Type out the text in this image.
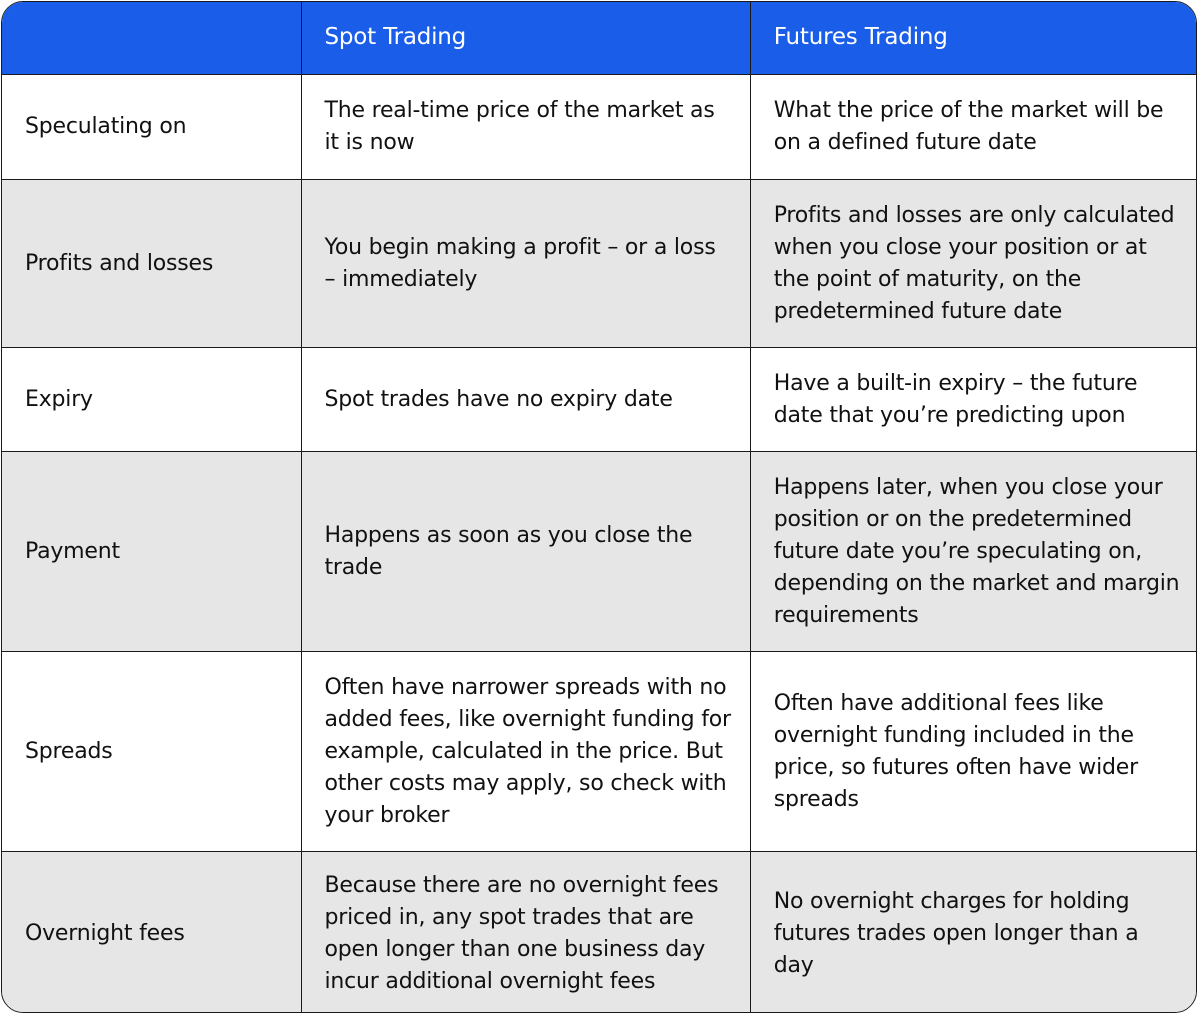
Spot Trading	Futures Trading
Speculating on
The real-time price of the market as it is now
What the price of the market will be on a defined future date
Profits and losses
You begin making a profit – or a loss – immediately
Profits and losses are only calculated when you close your position or at the point of maturity, on the predetermined future date
Expiry	Spot trades have no expiry date
Have a built-in expiry – the future date that you’re predicting upon
Payment
Happens as soon as you close the trade
Happens later, when you close your position or on the predetermined future date you’re speculating on, depending on the market and margin requirements
Spreads
Often have narrower spreads with no added fees, like overnight funding for example, calculated in the price. But other costs may apply, so check with your broker
Often have additional fees like overnight funding included in the price, so futures often have wider spreads
Overnight fees
Because there are no overnight fees priced in, any spot trades that are open longer than one business day incur additional overnight fees
No overnight charges for holding futures trades open longer than a day
